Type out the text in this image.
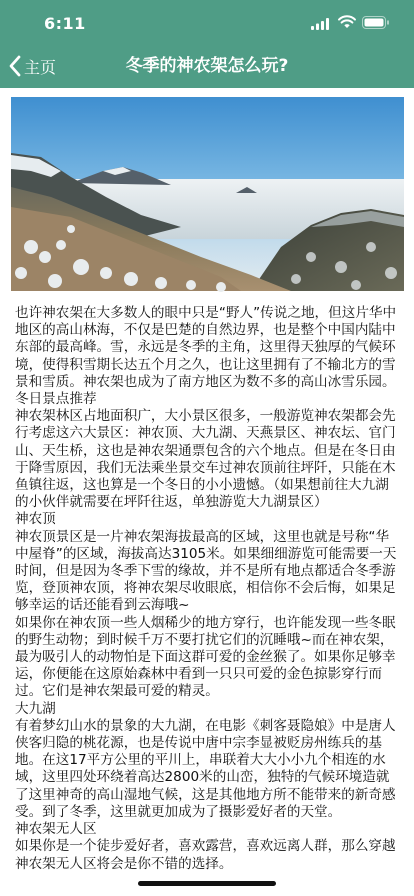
6:11
主页	冬季的神农架怎么玩?

也许神农架在大多数人的眼中只是“野人”传说之地，但这片华中地区的高山林海，不仅是巴楚的自然边界，也是整个中国内陆中东部的最高峰。雪，永远是冬季的主角，这里得天独厚的气候环境，使得积雪期长达五个月之久，也让这里拥有了不输北方的雪景和雪质。神农架也成为了南方地区为数不多的高山冰雪乐园。

冬日景点推荐

神农架林区占地面积广，大小景区很多，一般游览神农架都会先行考虑这六大景区：神农顶、大九湖、天燕景区、神农坛、官门山、天生桥，这也是神农架通票包含的六个地点。但是在冬日由于降雪原因，我们无法乘坐景交车过神农顶前往坪阡，只能在木鱼镇往返，这也算是一个冬日的小小遗憾。（如果想前往大九湖的小伙伴就需要在坪阡往返，单独游览大九湖景区）

神农顶

神农顶景区是一片神农架海拔最高的区域，这里也就是号称“华中屋脊”的区域，海拔高达3105米。如果细细游览可能需要一天时间，但是因为冬季下雪的缘故，并不是所有地点都适合冬季游览，登顶神农顶，将神农架尽收眼底，相信你不会后悔，如果足够幸运的话还能看到云海哦~

如果你在神农顶一些人烟稀少的地方穿行，也许能发现一些冬眠的野生动物；到时候千万不要打扰它们的沉睡哦~而在神农架，最为吸引人的动物怕是下面这群可爱的金丝猴了。如果你足够幸运，你便能在这原始森林中看到一只只可爱的金色掠影穿行而过。它们是神农架最可爱的精灵。

大九湖

有着梦幻山水的景象的大九湖，在电影《刺客聂隐娘》中是唐人侠客归隐的桃花源，也是传说中唐中宗李显被贬房州练兵的基地。在这17平方公里的平川上，串联着大大小小九个相连的水域，这里四处环绕着高达2800米的山峦，独特的气候环境造就了这里神奇的高山湿地气候，这是其他地方所不能带来的新奇感受。到了冬季，这里就更加成为了摄影爱好者的天堂。

神农架无人区

如果你是一个徒步爱好者，喜欢露营，喜欢远离人群，那么穿越神农架无人区将会是你不错的选择。
